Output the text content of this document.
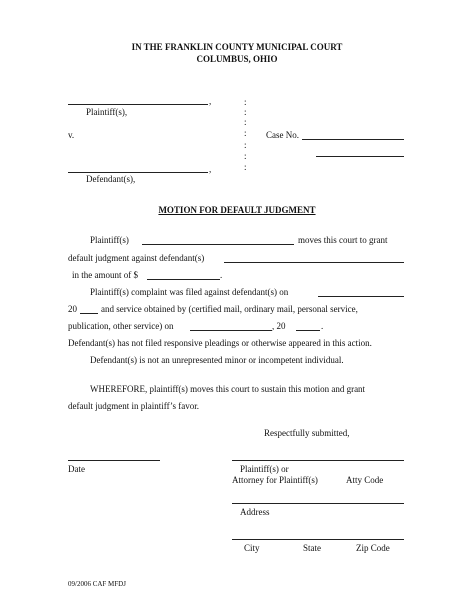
IN THE FRANKLIN COUNTY MUNICIPAL COURT
COLUMBUS, OHIO
,
Plaintiff(s),
v.
:
:
:
:
:
:
:
Case No.
,
Defendant(s),
MOTION FOR DEFAULT JUDGMENT
Plaintiff(s)	moves this court to grant
default judgment against defendant(s)
in the amount of $	.
Plaintiff(s) complaint was filed against defendant(s) on
20	and service obtained by (certified mail, ordinary mail, personal service,
publication, other service) on	, 20	.
Defendant(s) has not filed responsive pleadings or otherwise appeared in this action.
Defendant(s) is not an unrepresented minor or incompetent individual.
WHEREFORE, plaintiff(s) moves this court to sustain this motion and grant
default judgment in plaintiff’s favor.
Respectfully submitted,
Date	Plaintiff(s) or
Attorney for Plaintiff(s)	Atty Code
Address
City	State	Zip Code
09/2006 CAF MFDJ
